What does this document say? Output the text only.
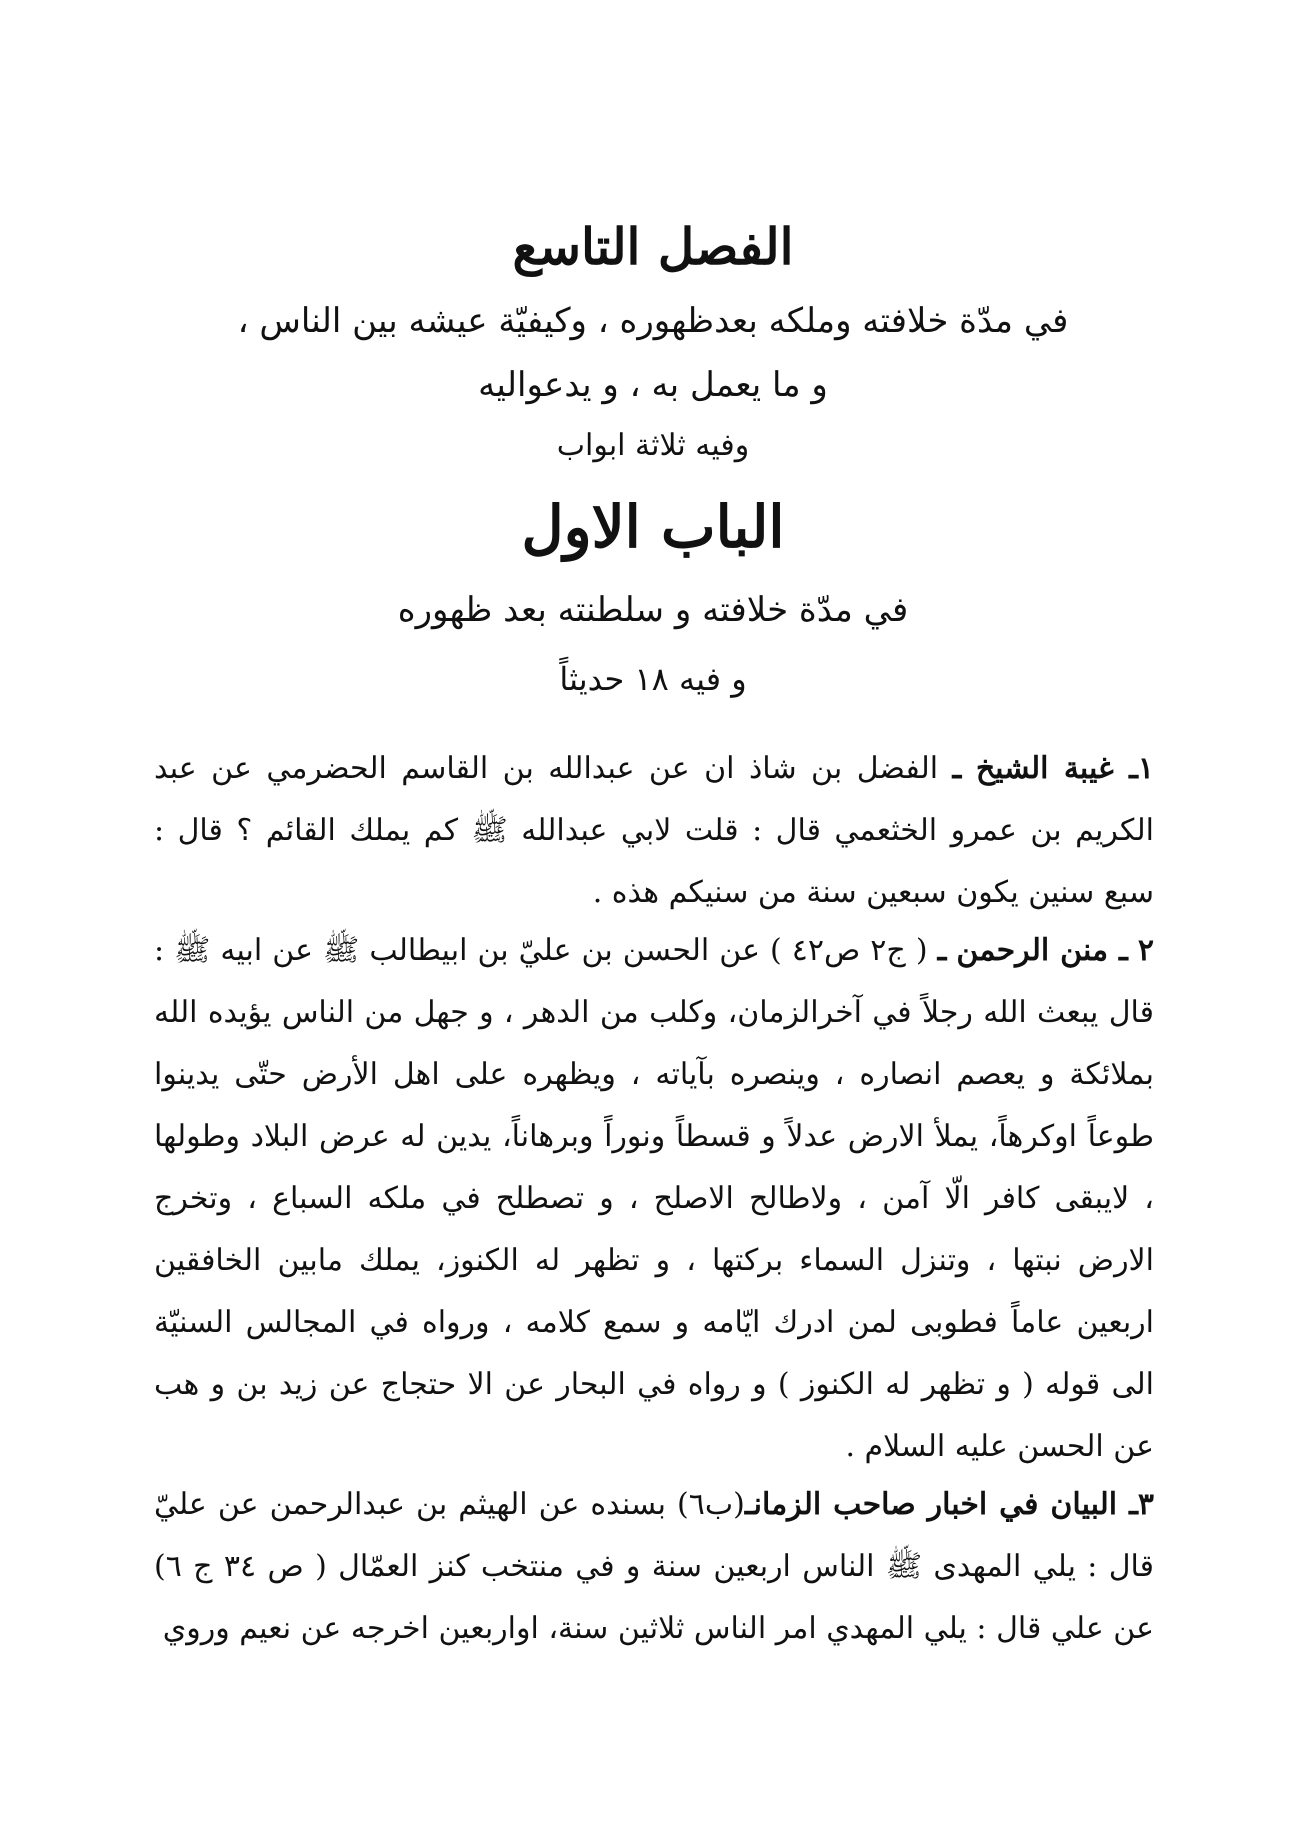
الفصل التاسع
في مدّة خلافته وملكه بعدظهوره ، وكيفيّة عيشه بين الناس ،
و ما يعمل به ، و يدعواليه
وفيه ثلاثة ابواب
الباب الاول
في مدّة خلافته و سلطنته بعد ظهوره
و فيه ١٨ حديثاً

١ـ غيبة الشيخ ـ الفضل بن شاذ ان عن عبدالله بن القاسم الحضرمي عن عبد الكريم بن عمرو الخثعمي قال : قلت لابي عبدالله ﷺ كم يملك القائم ؟ قال : سبع سنين يكون سبعين سنة من سنيكم هذه .

٢ ـ منن الرحمن ـ ( ج٢ ص٤٢ ) عن الحسن بن عليّ بن ابيطالب ﷺ عن ابيه ﷺ : قال يبعث الله رجلاً في آخرالزمان، وكلب من الدهر ، و جهل من الناس يؤيده الله بملائكة و يعصم انصاره ، وينصره بآياته ، ويظهره على اهل الأرض حتّى يدينوا طوعاً اوكرهاً، يملأ الارض عدلاً و قسطاً ونوراً وبرهاناً، يدين له عرض البلاد وطولها ، لايبقى كافر الّا آمن ، ولاطالح الاصلح ، و تصطلح في ملكه السباع ، وتخرج الارض نبتها ، وتنزل السماء بركتها ، و تظهر له الكنوز، يملك مابين الخافقين اربعين عاماً فطوبى لمن ادرك ايّامه و سمع كلامه ، ورواه في المجالس السنيّة الى قوله ( و تظهر له الكنوز ) و رواه في البحار عن الا حتجاج عن زيد بن و هب عن الحسن عليه السلام .

٣ـ البيان في اخبار صاحب الزمانـ(ب٦) بسنده عن الهيثم بن عبدالرحمن عن عليّ قال : يلي المهدى ﷺ الناس اربعين سنة و في منتخب كنز العمّال ( ص ٣٤ ج ٦) عن علي قال : يلي المهدي امر الناس ثلاثين سنة، اواربعين اخرجه عن نعيم وروي
